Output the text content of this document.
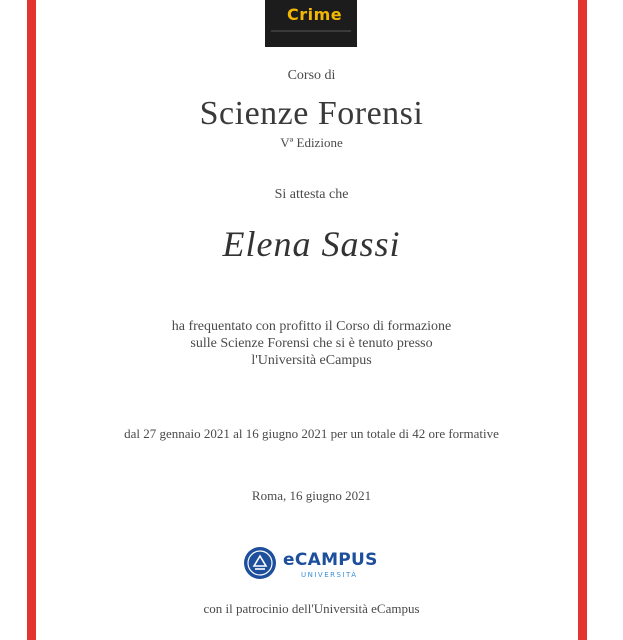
Crime
Corso di
Scienze Forensi
Vª Edizione
Si attesta che
Elena Sassi
ha frequentato con profitto il Corso di formazione
sulle Scienze Forensi che si è tenuto presso
l'Università eCampus
dal 27 gennaio 2021 al 16 giugno 2021 per un totale di 42 ore formative
Roma, 16 giugno 2021
eCAMPUS
UNIVERSITÀ
con il patrocinio dell'Università eCampus
